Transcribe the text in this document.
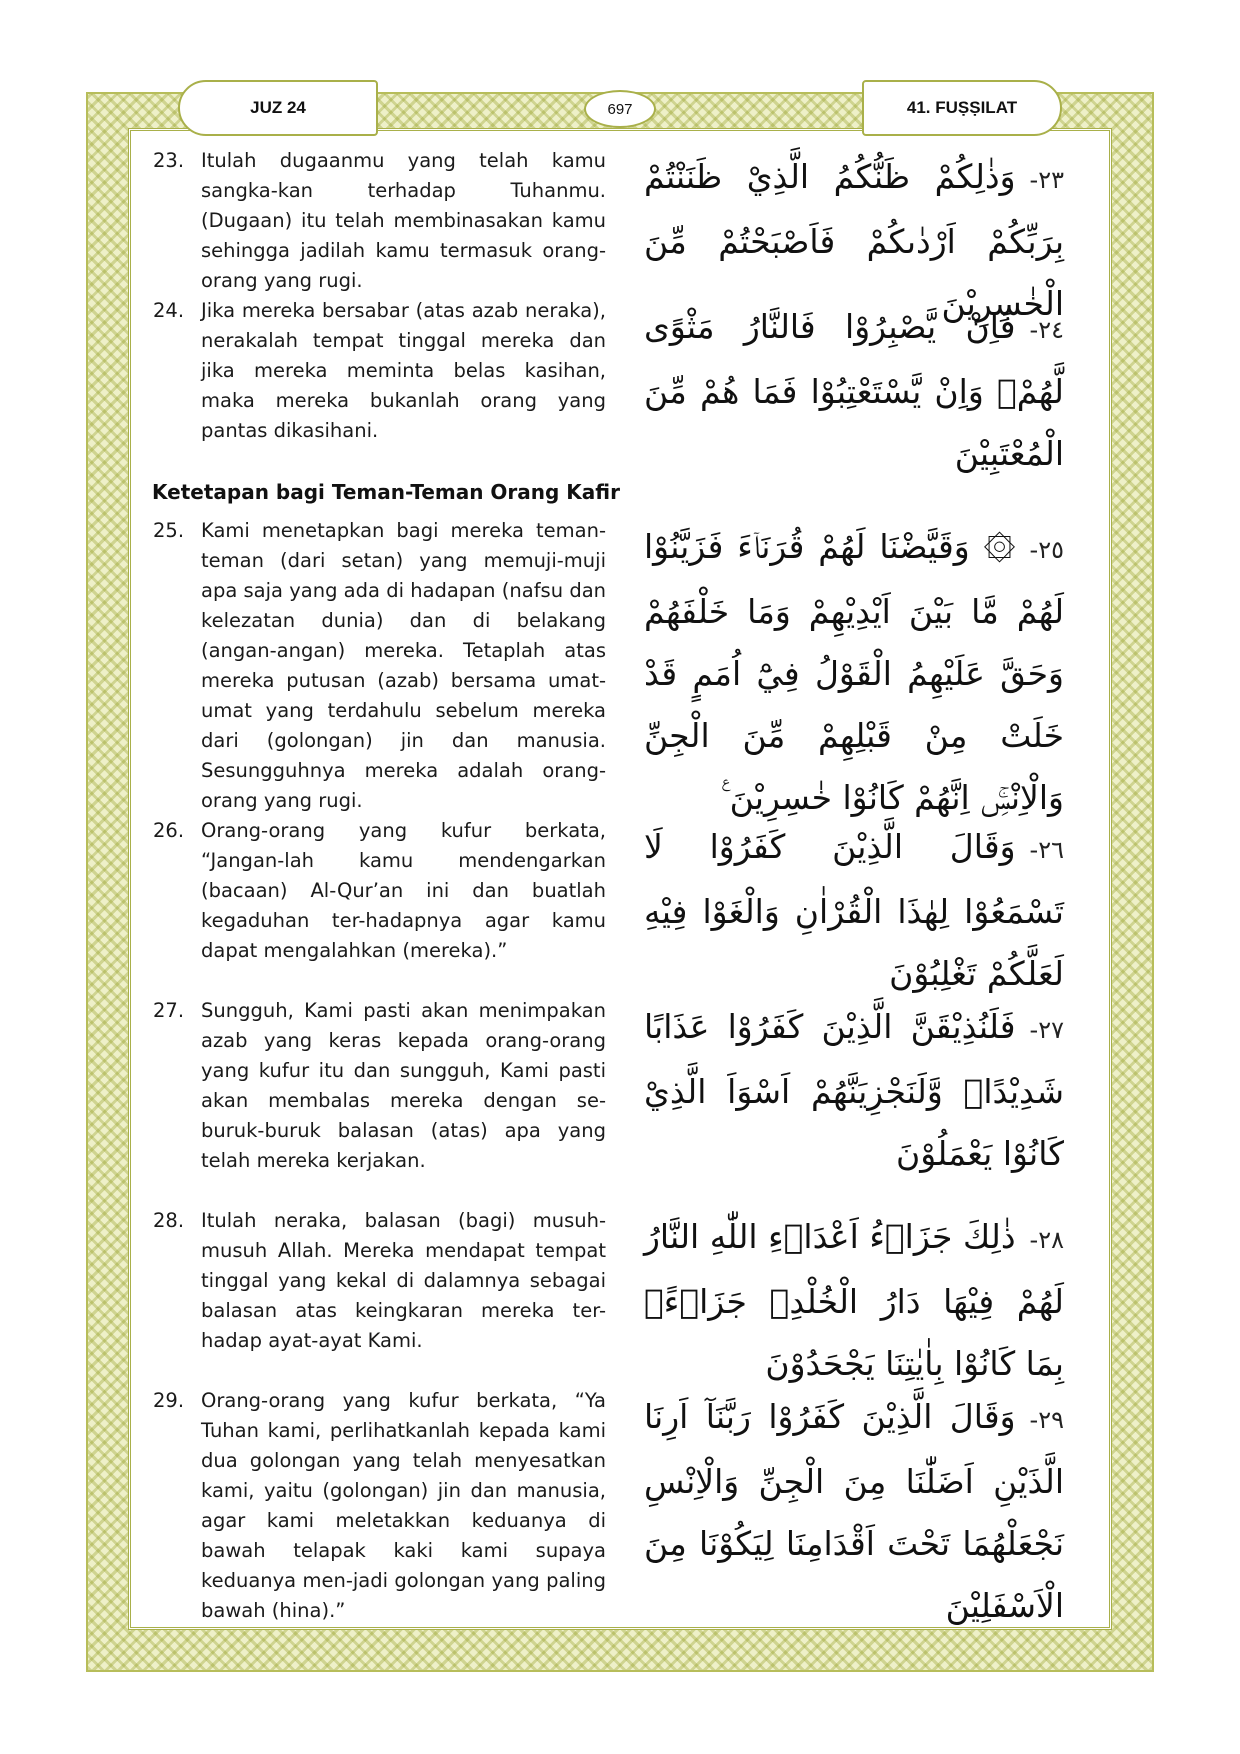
JUZ 24	697	41. FUṢṢILAT
23. Itulah dugaanmu yang telah kamu sangka-kan terhadap Tuhanmu. (Dugaan) itu telah membinasakan kamu sehingga jadilah kamu termasuk orang-orang yang rugi.
٢٣-وَذٰلِكُمْ ظَنُّكُمُ الَّذِيْ ظَنَنْتُمْ بِرَبِّكُمْ اَرْدٰىكُمْ فَاَصْبَحْتُمْ مِّنَ الْخٰسِرِيْنَ
24. Jika mereka bersabar (atas azab neraka), nerakalah tempat tinggal mereka dan jika mereka meminta belas kasihan, maka mereka bukanlah orang yang pantas dikasihani.
٢٤-فَاِنْ يَّصْبِرُوْا فَالنَّارُ مَثْوًى لَّهُمْۚ وَاِنْ يَّسْتَعْتِبُوْا فَمَا هُمْ مِّنَ الْمُعْتَبِيْنَ
Ketetapan bagi Teman-Teman Orang Kafir
25. Kami menetapkan bagi mereka teman-teman (dari setan) yang memuji-muji apa saja yang ada di hadapan (nafsu dan kelezatan dunia) dan di belakang (angan-angan) mereka. Tetaplah atas mereka putusan (azab) bersama umat-umat yang terdahulu sebelum mereka dari (golongan) jin dan manusia. Sesungguhnya mereka adalah orang-orang yang rugi.
٢٥-۞ وَقَيَّضْنَا لَهُمْ قُرَنَاۤءَ فَزَيَّنُوْا لَهُمْ مَّا بَيْنَ اَيْدِيْهِمْ وَمَا خَلْفَهُمْ وَحَقَّ عَلَيْهِمُ الْقَوْلُ فِيْٓ اُمَمٍ قَدْ خَلَتْ مِنْ قَبْلِهِمْ مِّنَ الْجِنِّ وَالْاِنْسِۚ اِنَّهُمْ كَانُوْا خٰسِرِيْنَ ࣖ
26. Orang-orang yang kufur berkata, “Jangan-lah kamu mendengarkan (bacaan) Al-Qur’an ini dan buatlah kegaduhan ter-hadapnya agar kamu dapat mengalahkan (mereka).”
٢٦-وَقَالَ الَّذِيْنَ كَفَرُوْا لَا تَسْمَعُوْا لِهٰذَا الْقُرْاٰنِ وَالْغَوْا فِيْهِ لَعَلَّكُمْ تَغْلِبُوْنَ
27. Sungguh, Kami pasti akan menimpakan azab yang keras kepada orang-orang yang kufur itu dan sungguh, Kami pasti akan membalas mereka dengan se-buruk-buruk balasan (atas) apa yang telah mereka kerjakan.
٢٧-فَلَنُذِيْقَنَّ الَّذِيْنَ كَفَرُوْا عَذَابًا شَدِيْدًاۙ وَّلَنَجْزِيَنَّهُمْ اَسْوَاَ الَّذِيْ كَانُوْا يَعْمَلُوْنَ
28. Itulah neraka, balasan (bagi) musuh-musuh Allah. Mereka mendapat tempat tinggal yang kekal di dalamnya sebagai balasan atas keingkaran mereka ter-hadap ayat-ayat Kami.
٢٨-ذٰلِكَ جَزَاۤءُ اَعْدَاۤءِ اللّٰهِ النَّارُ لَهُمْ فِيْهَا دَارُ الْخُلْدِۗ جَزَاۤءًۢ بِمَا كَانُوْا بِاٰيٰتِنَا يَجْحَدُوْنَ
29. Orang-orang yang kufur berkata, “Ya Tuhan kami, perlihatkanlah kepada kami dua golongan yang telah menyesatkan kami, yaitu (golongan) jin dan manusia, agar kami meletakkan keduanya di bawah telapak kaki kami supaya keduanya men-jadi golongan yang paling bawah (hina).”
٢٩-وَقَالَ الَّذِيْنَ كَفَرُوْا رَبَّنَآ اَرِنَا الَّذَيْنِ اَضَلّٰنَا مِنَ الْجِنِّ وَالْاِنْسِ نَجْعَلْهُمَا تَحْتَ اَقْدَامِنَا لِيَكُوْنَا مِنَ الْاَسْفَلِيْنَ
